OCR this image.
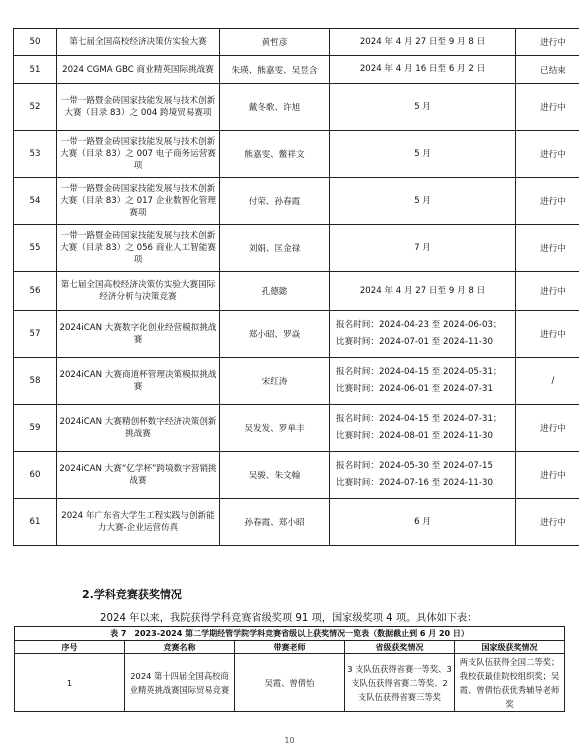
50	第七届全国高校经济决策仿实验大赛	黄哲彦	2024 年 4 月 27 日至 9 月 8 日	进行中
51	2024 CGMA GBC 商业精英国际挑战赛	朱瑛、熊嘉雯、吴昱含	2024 年 4 月 16 日至 6 月 2 日	已结束
52	一带一路暨金砖国家技能发展与技术创新大赛（目录 83）之 004 跨境贸易赛项	戴冬歌、许旭	5 月	进行中
53	一带一路暨金砖国家技能发展与技术创新大赛（目录 83）之 007 电子商务运营赛项	熊嘉雯、鳖祥文	5 月	进行中
54	一带一路暨金砖国家技能发展与技术创新大赛（目录 83）之 017 企业数智化管理赛项	付荣、孙春霞	5 月	进行中
55	一带一路暨金砖国家技能发展与技术创新大赛（目录 83）之 056 商业人工智能赛项	刘娟、匡金禄	7 月	进行中
56	第七届全国高校经济决策仿实验大赛国际经济分析与决策竞赛	孔德懿	2024 年 4 月 27 日至 9 月 8 日	进行中
57	2024iCAN 大赛数字化创业经营模拟挑战赛	郑小昭、罗焱	报名时间：2024-04-23 至 2024-06-03；
比赛时间：2024-07-01 至 2024-11-30	进行中
58	2024iCAN 大赛商道杯管理决策模拟挑战赛	宋红涛	报名时间：2024-04-15 至 2024-05-31；
比赛时间：2024-06-01 至 2024-07-31	/
59	2024iCAN 大赛精创杯数字经济决策创新挑战赛	吴发发、罗单丰	报名时间：2024-04-15 至 2024-07-31；
比赛时间：2024-08-01 至 2024-11-30	进行中
60	2024iCAN 大赛“亿学杯”跨境数字营销挑战赛	吴骏、朱文翰	报名时间：2024-05-30 至 2024-07-15
比赛时间：2024-07-16 至 2024-11-30	进行中
61	2024 年广东省大学生工程实践与创新能力大赛-企业运营仿真	孙春霞、郑小昭	6 月	进行中
2.学科竞赛获奖情况
2024 年以来，我院获得学科竞赛省级奖项 91 项，国家级奖项 4 项。具体如下表：
表 7　2023-2024 第二学期经管学院学科竞赛省级以上获奖情况一览表（数据截止到 6 月 20 日）				
序号	竞赛名称	带赛老师	省级获奖情况	国家级获奖情况
1	2024 第十四届全国高校商业精英挑战赛国际贸易竞赛	吴霞、曾倩怡	3 支队伍获得省赛一等奖、3 支队伍获得省赛二等奖、2 支队伍获得省赛三等奖	两支队伍获得全国二等奖；我校获最佳院校组织奖；吴霞、曾倩怡获优秀辅导老师奖
10
